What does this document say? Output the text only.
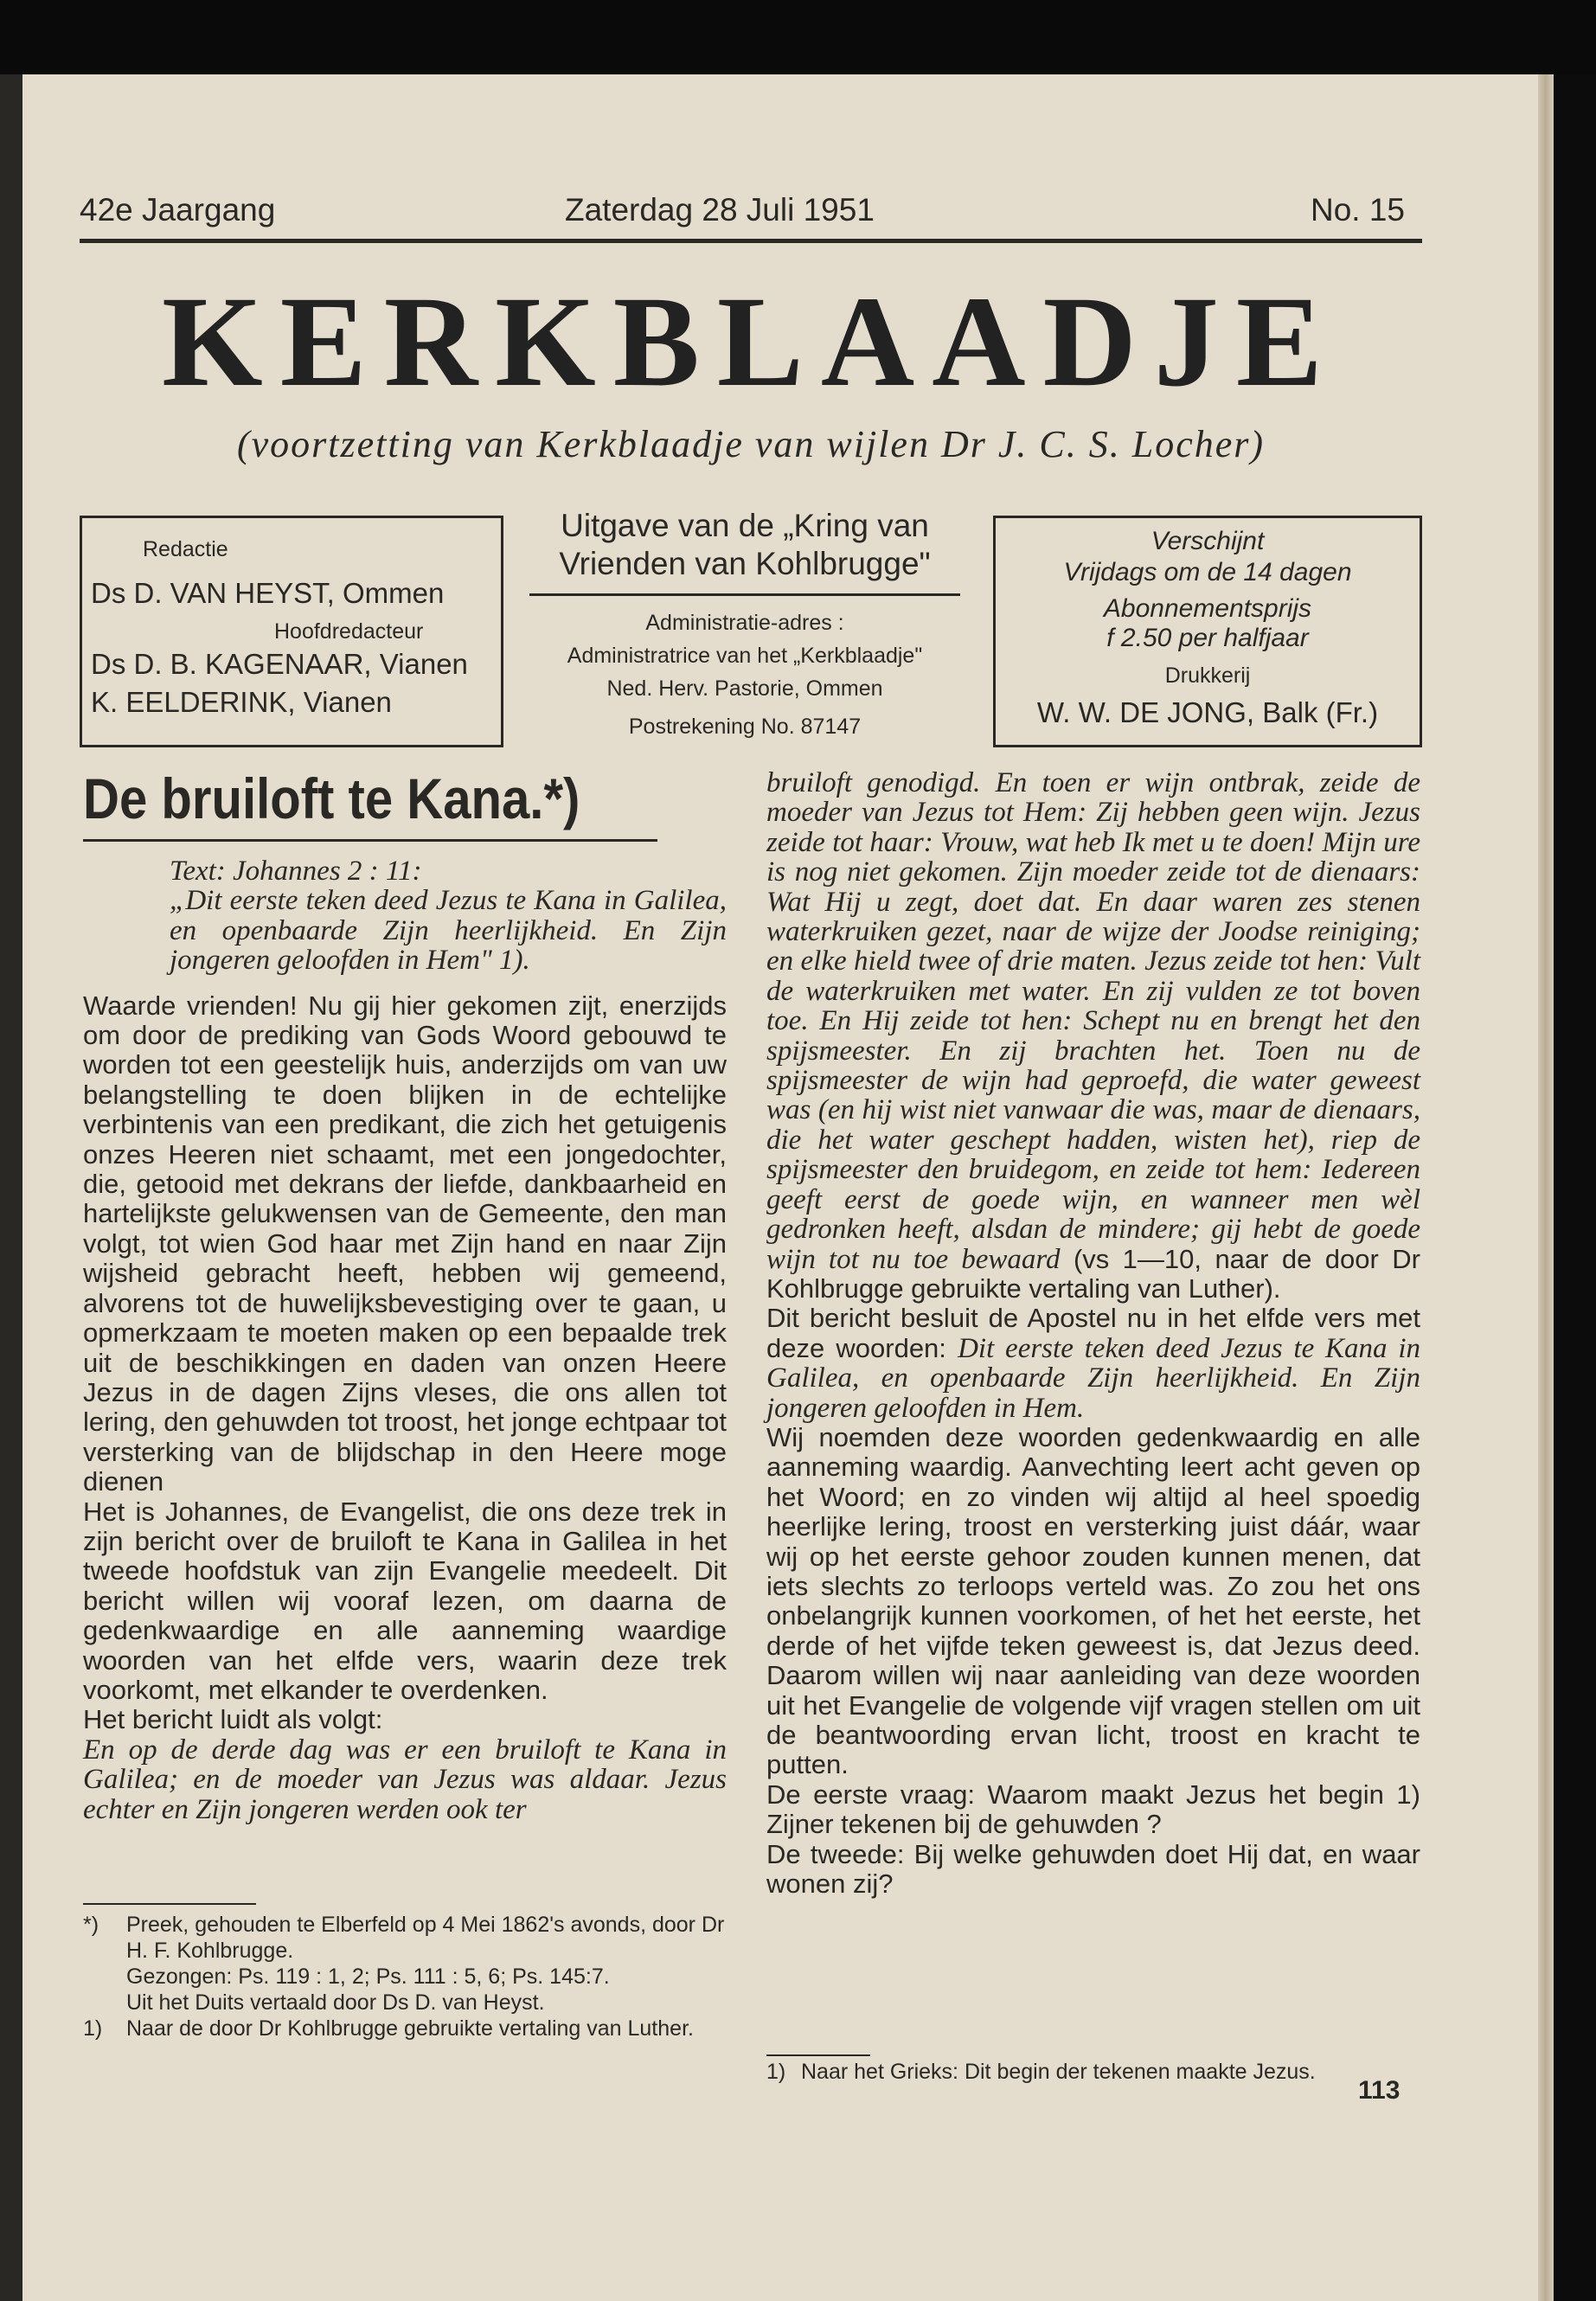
42e Jaargang	Zaterdag 28 Juli 1951	No. 15
KERKBLAADJE
(voortzetting van Kerkblaadje van wijlen Dr J. C. S. Locher)
Redactie
Ds D. VAN HEYST, Ommen
Hoofdredacteur
Ds D. B. KAGENAAR, Vianen
K. EELDERINK, Vianen
Uitgave van de „Kring van Vrienden van Kohlbrugge"
Administratie-adres :
Administratrice van het „Kerkblaadje"
Ned. Herv. Pastorie, Ommen
Postrekening No. 87147
Verschijnt
Vrijdags om de 14 dagen
Abonnementsprijs
f 2.50 per halfjaar
Drukkerij
W. W. DE JONG, Balk (Fr.)
De bruiloft te Kana.*)

Text: Johannes 2 : 11:

„Dit eerste teken deed Jezus te Kana in Galilea, en openbaarde Zijn heerlijkheid. En Zijn jongeren geloofden in Hem" 1).

Waarde vrienden! Nu gij hier gekomen zijt, enerzijds om door de prediking van Gods Woord gebouwd te worden tot een geestelijk huis, anderzijds om van uw belangstelling te doen blijken in de echtelijke verbintenis van een predikant, die zich het getuigenis onzes Heeren niet schaamt, met een jongedochter, die, getooid met dekrans der liefde, dankbaarheid en hartelijkste gelukwensen van de Gemeente, den man volgt, tot wien God haar met Zijn hand en naar Zijn wijsheid gebracht heeft, hebben wij gemeend, alvorens tot de huwelijksbevestiging over te gaan, u opmerkzaam te moeten maken op een bepaalde trek uit de beschikkingen en daden van onzen Heere Jezus in de dagen Zijns vleses, die ons allen tot lering, den gehuwden tot troost, het jonge echtpaar tot versterking van de blijdschap in den Heere moge dienen

Het is Johannes, de Evangelist, die ons deze trek in zijn bericht over de bruiloft te Kana in Galilea in het tweede hoofdstuk van zijn Evangelie meedeelt. Dit bericht willen wij vooraf lezen, om daarna de gedenkwaardige en alle aanneming waardige woorden van het elfde vers, waarin deze trek voorkomt, met elkander te overdenken.

Het bericht luidt als volgt:

En op de derde dag was er een bruiloft te Kana in Galilea; en de moeder van Jezus was aldaar. Jezus echter en Zijn jongeren werden ook ter

*)	Preek, gehouden te Elberfeld op 4 Mei 1862's avonds, door Dr H. F. Kohlbrugge.
Gezongen: Ps. 119 : 1, 2; Ps. 111 : 5, 6; Ps. 145:7.
Uit het Duits vertaald door Ds D. van Heyst.
1)	Naar de door Dr Kohlbrugge gebruikte vertaling van Luther.

bruiloft genodigd. En toen er wijn ontbrak, zeide de moeder van Jezus tot Hem: Zij hebben geen wijn. Jezus zeide tot haar: Vrouw, wat heb Ik met u te doen! Mijn ure is nog niet gekomen. Zijn moeder zeide tot de dienaars: Wat Hij u zegt, doet dat. En daar waren zes stenen waterkruiken gezet, naar de wijze der Joodse reiniging; en elke hield twee of drie maten. Jezus zeide tot hen: Vult de waterkruiken met water. En zij vulden ze tot boven toe. En Hij zeide tot hen: Schept nu en brengt het den spijsmeester. En zij brachten het. Toen nu de spijsmeester de wijn had geproefd, die water geweest was (en hij wist niet vanwaar die was, maar de dienaars, die het water geschept hadden, wisten het), riep de spijsmeester den bruidegom, en zeide tot hem: Iedereen geeft eerst de goede wijn, en wanneer men wèl gedronken heeft, alsdan de mindere; gij hebt de goede wijn tot nu toe bewaard (vs 1—10, naar de door Dr Kohlbrugge gebruikte vertaling van Luther).

Dit bericht besluit de Apostel nu in het elfde vers met deze woorden: Dit eerste teken deed Jezus te Kana in Galilea, en openbaarde Zijn heerlijkheid. En Zijn jongeren geloofden in Hem.

Wij noemden deze woorden gedenkwaardig en alle aanneming waardig. Aanvechting leert acht geven op het Woord; en zo vinden wij altijd al heel spoedig heerlijke lering, troost en versterking juist dáár, waar wij op het eerste gehoor zouden kunnen menen, dat iets slechts zo terloops verteld was. Zo zou het ons onbelangrijk kunnen voorkomen, of het het eerste, het derde of het vijfde teken geweest is, dat Jezus deed. Daarom willen wij naar aanleiding van deze woorden uit het Evangelie de volgende vijf vragen stellen om uit de beantwoording ervan licht, troost en kracht te putten.

De eerste vraag: Waarom maakt Jezus het begin 1) Zijner tekenen bij de gehuwden ?

De tweede: Bij welke gehuwden doet Hij dat, en waar wonen zij?

1) Naar het Grieks: Dit begin der tekenen maakte Jezus.
113
